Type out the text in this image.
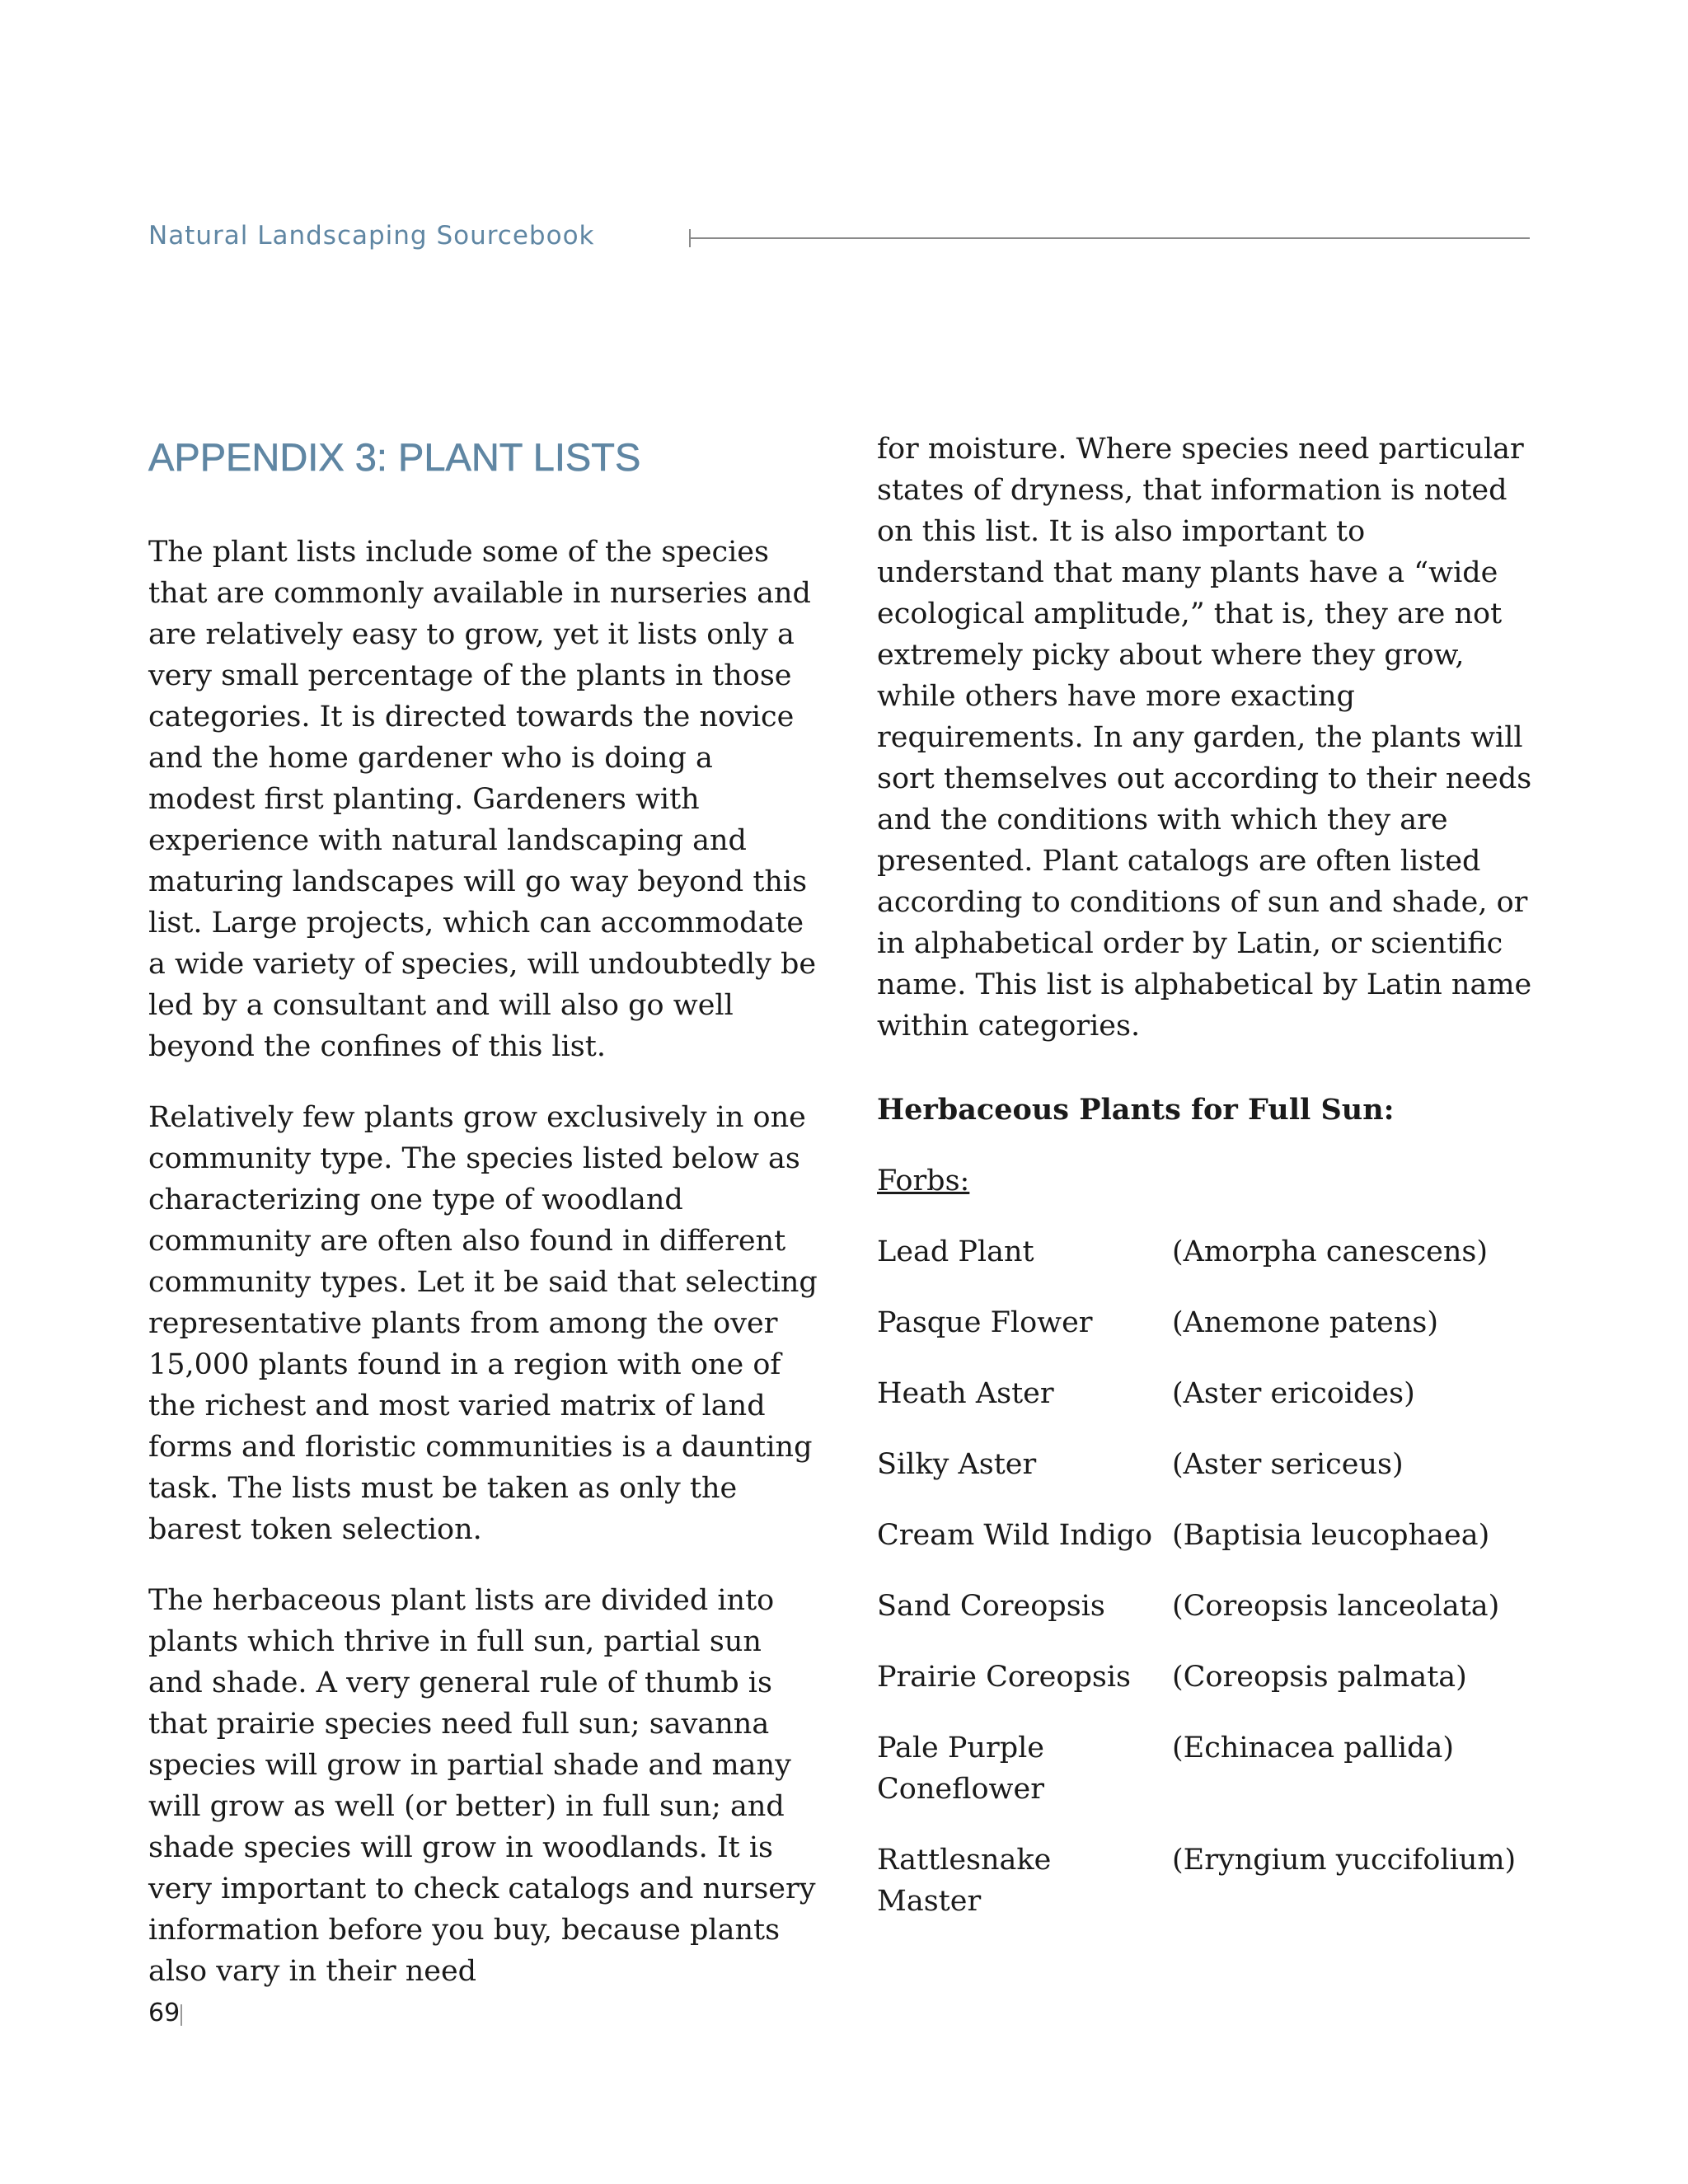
Natural Landscaping Sourcebook
APPENDIX 3: PLANT LISTS

The plant lists include some of the species that are commonly available in nurseries and are relatively easy to grow, yet it lists only a very small percentage of the plants in those categories. It is directed towards the novice and the home gardener who is doing a modest first planting. Gardeners with experience with natural landscaping and maturing landscapes will go way beyond this list. Large projects, which can accommodate a wide variety of species, will undoubtedly be led by a consultant and will also go well beyond the confines of this list.

Relatively few plants grow exclusively in one community type. The species listed below as characterizing one type of woodland community are often also found in different community types. Let it be said that selecting representative plants from among the over 15,000 plants found in a region with one of the richest and most varied matrix of land forms and floristic communities is a daunting task. The lists must be taken as only the barest token selection.

The herbaceous plant lists are divided into plants which thrive in full sun, partial sun and shade. A very general rule of thumb is that prairie species need full sun; savanna species will grow in partial shade and many will grow as well (or better) in full sun; and shade species will grow in woodlands. It is very important to check catalogs and nursery information before you buy, because plants also vary in their need

for moisture. Where species need particular states of dryness, that information is noted on this list. It is also important to understand that many plants have a “wide ecological amplitude,” that is, they are not extremely picky about where they grow, while others have more exacting requirements. In any garden, the plants will sort themselves out according to their needs and the conditions with which they are presented. Plant catalogs are often listed according to conditions of sun and shade, or in alphabetical order by Latin, or scientific name. This list is alphabetical by Latin name within categories.

Herbaceous Plants for Full Sun:
Forbs:
Lead Plant	(Amorpha canescens)
Pasque Flower	(Anemone patens)
Heath Aster	(Aster ericoides)
Silky Aster	(Aster sericeus)
Cream Wild Indigo (Baptisia leucophaea)
Sand Coreopsis	(Coreopsis lanceolata)
Prairie Coreopsis	(Coreopsis palmata)
Pale Purple Coneflower
(Echinacea pallida)
Rattlesnake Master
(Eryngium yuccifolium)
69
